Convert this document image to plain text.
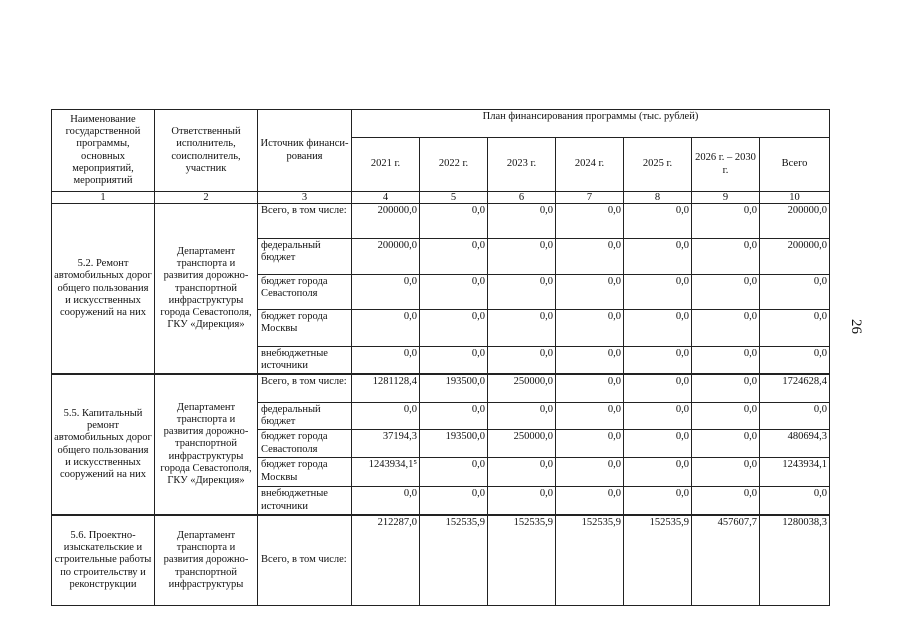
26
Наименование государственной программы, основных мероприятий, мероприятий	Ответственный исполнитель, соисполнитель, участник	Источник финанси-рования	План финансирования программы (тыс. рублей)						
			2021 г.	2022 г.	2023 г.	2024 г.	2025 г.	2026 г. – 2030 г.	Всего
1	2	3	4	5	6	7	8	9	10
5.2. Ремонт автомобильных дорог общего пользования и искусственных сооружений на них	Департамент транспорта и развития дорожно-транспортной инфраструктуры города Севастополя, ГКУ «Дирекция»	Всего, в том числе:	200000,0	0,0	0,0	0,0	0,0	0,0	200000,0
		федеральный бюджет	200000,0	0,0	0,0	0,0	0,0	0,0	200000,0
		бюджет города Севастополя	0,0	0,0	0,0	0,0	0,0	0,0	0,0
		бюджет города Москвы	0,0	0,0	0,0	0,0	0,0	0,0	0,0
		внебюджетные источники	0,0	0,0	0,0	0,0	0,0	0,0	0,0
5.5. Капитальный ремонт автомобильных дорог общего пользования и искусственных сооружений на них	Департамент транспорта и развития дорожно-транспортной инфраструктуры города Севастополя, ГКУ «Дирекция»	Всего, в том числе:	1281128,4	193500,0	250000,0	0,0	0,0	0,0	1724628,4
		федеральный бюджет	0,0	0,0	0,0	0,0	0,0	0,0	0,0
		бюджет города Севастополя	37194,3	193500,0	250000,0	0,0	0,0	0,0	480694,3
		бюджет города Москвы	1243934,1⁵	0,0	0,0	0,0	0,0	0,0	1243934,1
		внебюджетные источники	0,0	0,0	0,0	0,0	0,0	0,0	0,0
5.6. Проектно-изыскательские и строительные работы по строительству и реконструкции	Департамент транспорта и развития дорожно-транспортной инфраструктуры	Всего, в том числе:	212287,0	152535,9	152535,9	152535,9	152535,9	457607,7	1280038,3
